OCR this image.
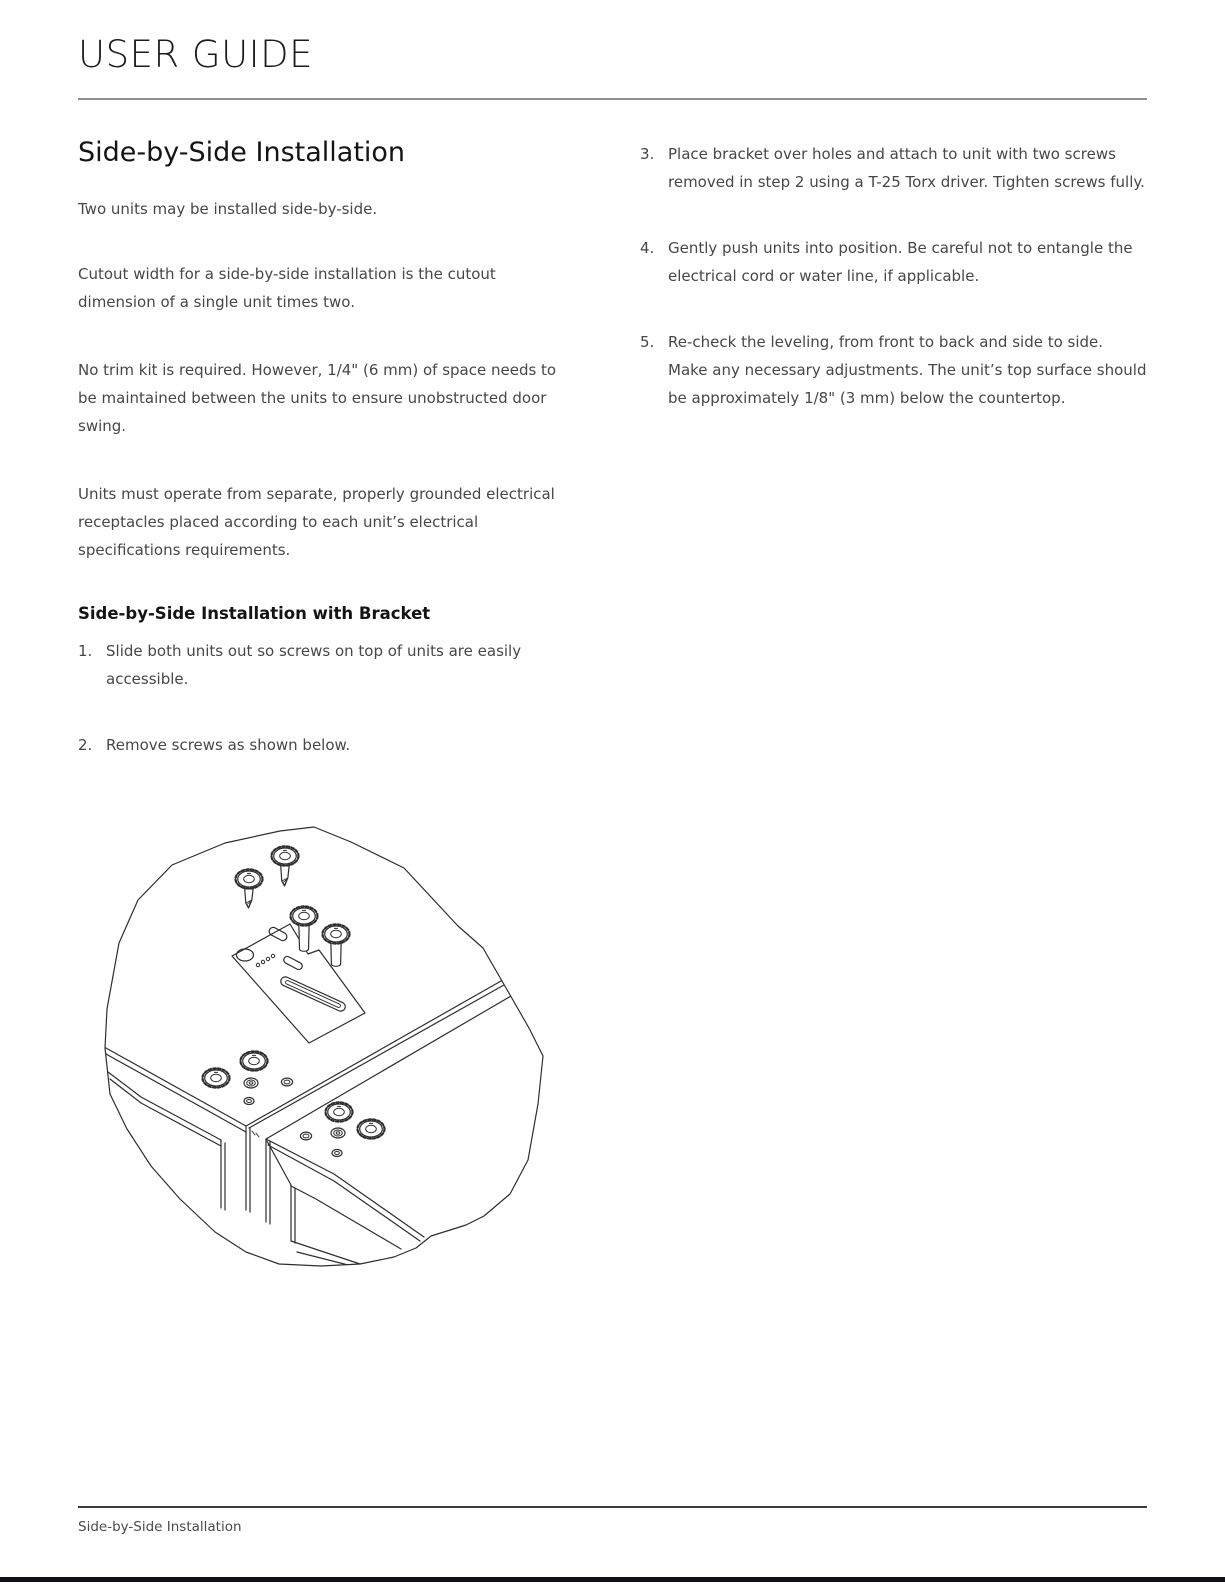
USER GUIDE
Side-by-Side Installation

Two units may be installed side-by-side.

Cutout width for a side-by-side installation is the cutout dimension of a single unit times two.

No trim kit is required. However, 1/4" (6 mm) of space needs to be maintained between the units to ensure unobstructed door swing.

Units must operate from separate, properly grounded electrical receptacles placed according to each unit’s electrical specifications requirements.

Side-by-Side Installation with Bracket
1. Slide both units out so screws on top of units are easily accessible.
2. Remove screws as shown below.
3. Place bracket over holes and attach to unit with two screws removed in step 2 using a T-25 Torx driver. Tighten screws fully.
4. Gently push units into position. Be careful not to entangle the electrical cord or water line, if applicable.
5. Re-check the leveling, from front to back and side to side. Make any necessary adjustments. The unit’s top surface should be approximately 1/8" (3 mm) below the countertop.
Side-by-Side Installation
